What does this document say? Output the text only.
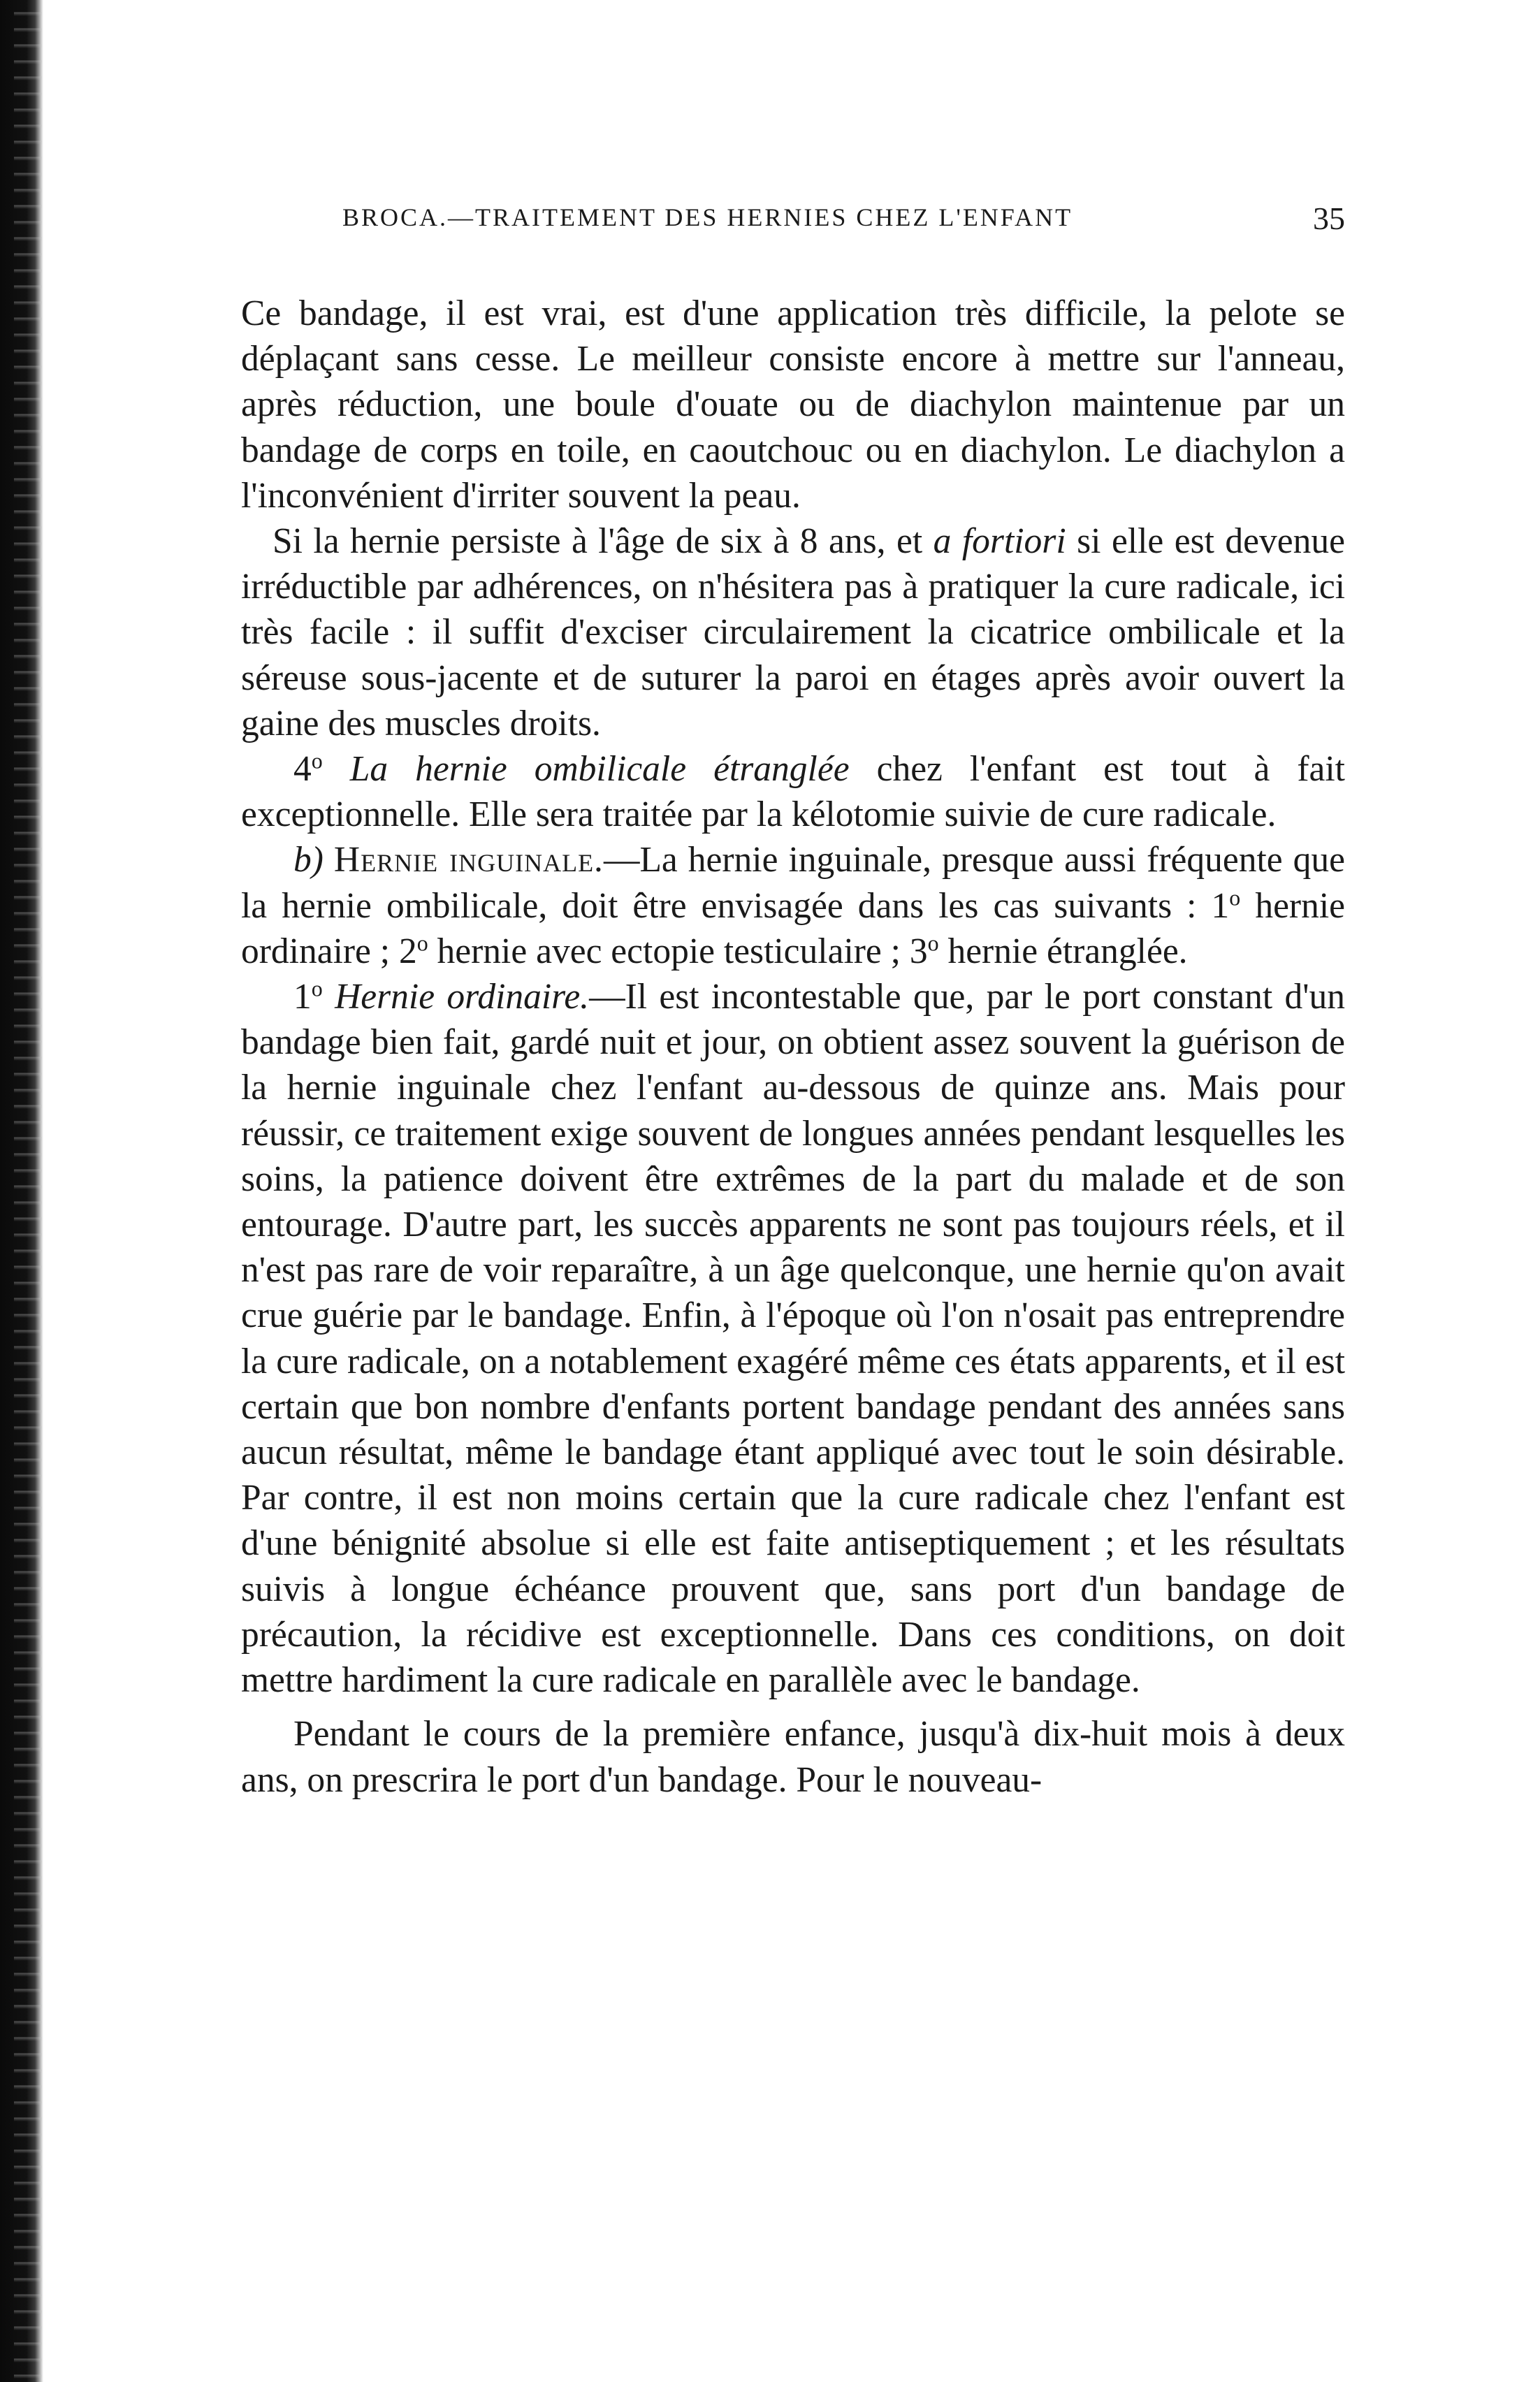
BROCA.—TRAITEMENT DES HERNIES CHEZ L'ENFANT	35

Ce bandage, il est vrai, est d'une application très difficile, la pelote se déplaçant sans cesse. Le meilleur consiste encore à mettre sur l'anneau, après réduction, une boule d'ouate ou de diachylon maintenue par un bandage de corps en toile, en caoutchouc ou en diachylon. Le diachylon a l'inconvénient d'irriter souvent la peau.

Si la hernie persiste à l'âge de six à 8 ans, et a fortiori si elle est devenue irréductible par adhérences, on n'hésitera pas à pratiquer la cure radicale, ici très facile : il suffit d'exciser circulairement la cicatrice ombilicale et la séreuse sous-jacente et de suturer la paroi en étages après avoir ouvert la gaine des muscles droits.

4$^o$ La hernie ombilicale étranglée chez l'enfant est tout à fait exceptionnelle. Elle sera traitée par la kélotomie suivie de cure radicale.

b) Hernie inguinale.—La hernie inguinale, presque aussi fréquente que la hernie ombilicale, doit être envisagée dans les cas suivants : 1$^o$ hernie ordinaire ; 2$^o$ hernie avec ectopie testiculaire ; 3$^o$ hernie étranglée.

1$^o$ Hernie ordinaire.—Il est incontestable que, par le port constant d'un bandage bien fait, gardé nuit et jour, on obtient assez souvent la guérison de la hernie inguinale chez l'enfant au-dessous de quinze ans. Mais pour réussir, ce traitement exige souvent de longues années pendant lesquelles les soins, la patience doivent être extrêmes de la part du malade et de son entourage. D'autre part, les succès apparents ne sont pas toujours réels, et il n'est pas rare de voir reparaître, à un âge quelconque, une hernie qu'on avait crue guérie par le bandage. Enfin, à l'époque où l'on n'osait pas entreprendre la cure radicale, on a notablement exagéré même ces états apparents, et il est certain que bon nombre d'enfants portent bandage pendant des années sans aucun résultat, même le bandage étant appliqué avec tout le soin désirable. Par contre, il est non moins certain que la cure radicale chez l'enfant est d'une bénignité absolue si elle est faite antiseptiquement ; et les résultats suivis à longue échéance prouvent que, sans port d'un bandage de précaution, la récidive est exceptionnelle. Dans ces conditions, on doit mettre hardiment la cure radicale en parallèle avec le bandage.

Pendant le cours de la première enfance, jusqu'à dix-huit mois à deux ans, on prescrira le port d'un bandage. Pour le nouveau-
